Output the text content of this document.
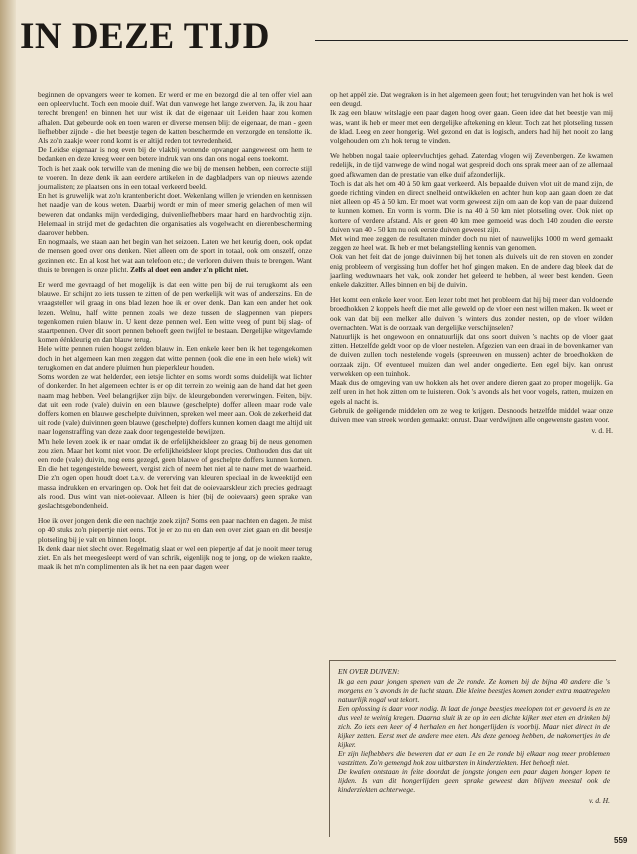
IN DEZE TIJD

beginnen de opvangers weer te komen. Er werd er me en bezorgd die al ten offer viel aan een opleervlucht. Toch een mooie duif. Wat dun vanwege het lange zwerven. Ja, ik zou haar terecht brengen! en binnen het uur wist ik dat de eigenaar uit Leiden haar zou komen afhalen. Dat gebeurde ook en toen waren er diverse mensen blij: de eigenaar, de man - geen liefhebber zijnde - die het beestje tegen de katten beschermde en verzorgde en tenslotte ik. Als zo'n zaakje weer rond komt is er altijd reden tot tevredenheid.

De Leidse eigenaar is nog even bij de vlakbij wonende opvanger aangeweest om hem te bedanken en deze kreeg weer een betere indruk van ons dan ons nogal eens toekomt.

Toch is het zaak ook terwille van de mening die we bij de mensen hebben, een correcte stijl te voeren. In deze denk ik aan eerdere artikelen in de dagbladpers van op nieuws azende journalisten; ze plaatsen ons in een totaal verkeerd beeld.

En het is gruwelijk wat zo'n krantenbericht doet. Wekenlang willen je vrienden en kennissen het naadje van de kous weten. Daarbij wordt er min of meer smerig gelachen of men wil beweren dat ondanks mijn verdediging, duivenliefhebbers maar hard en hardvochtig zijn. Helemaal in strijd met de gedachten die organisaties als vogelwacht en dierenbescherming daarover hebben.

En nogmaals, we staan aan het begin van het seizoen. Laten we het keurig doen, ook opdat de mensen goed over ons denken. Niet alleen om de sport in totaal, ook om onszelf, onze gezinnen etc. En al kost het wat aan telefoon etc.; de verloren duiven thuis te brengen. Want thuis te brengen is onze plicht. Zelfs al doet een ander z'n plicht niet.

Er werd me gevraagd of het mogelijk is dat een witte pen bij de rui terugkomt als een blauwe. Er schijnt zo iets tussen te zitten of de pen werkelijk wit was of anderszins. En de vraagsteller wil graag in ons blad lezen hoe ik er over denk. Dan kan een ander het ook lezen. Welnu, half witte pennen zoals we deze tussen de slagpennen van piepers tegenkomen ruien blauw in. U kent deze pennen wel. Een witte veeg of punt bij slag- of staartpennen. Over dit soort pennen behoeft geen twijfel te bestaan. Dergelijke witgevlamde komen éénkleurig en dan blauw terug.

Hele witte pennen ruien hoogst zelden blauw in. Een enkele keer ben ik het tegengekomen doch in het algemeen kan men zeggen dat witte pennen (ook die ene in een hele wiek) wit terugkomen en dat andere pluimen hun pieperkleur houden.

Soms worden ze wat helderder, een ietsje lichter en soms wordt soms duidelijk wat lichter of donkerder. In het algemeen echter is er op dit terrein zo weinig aan de hand dat het geen naam mag hebben. Veel belangrijker zijn bijv. de kleurgebonden vererwingen. Feiten, bijv. dat uit een rode (vale) duivin en een blauwe (geschelpte) doffer alleen maar rode vale doffers komen en blauwe geschelpte duivinnen, spreken wel meer aan. Ook de zekerheid dat uit rode (vale) duivinnen geen blauwe (geschelpte) doffers kunnen komen daagt me altijd uit naar logenstraffing van deze zaak door tegengestelde bewijzen.

M'n hele leven zoek ik er naar omdat ik de erfelijkheidsleer zo graag bij de neus genomen zou zien. Maar het komt niet voor. De erfelijkheidsleer klopt precies. Onthouden dus dat uit een rode (vale) duivin, nog eens gezegd, geen blauwe of geschelpte doffers kunnen komen. En die het tegengestelde beweert, vergist zich of neem het niet al te nauw met de waarheid. Die z'n ogen open houdt doet t.a.v. de vererving van kleuren speciaal in de kweektijd een massa indrukken en ervaringen op. Ook het feit dat de ooievaarskleur zich precies gedraagt als rood. Dus wint van niet-ooievaar. Alleen is hier (bij de ooievaars) geen sprake van geslachtsgebondenheid.

Hoe ik over jongen denk die een nachtje zoek zijn? Soms een paar nachten en dagen. Je mist op 40 stuks zo'n piepertje niet eens. Tot je er zo nu en dan een over ziet gaan en dit beestje plotseling bij je valt en binnen loopt.

Ik denk daar niet slecht over. Regelmatig slaat er wel een piepertje af dat je nooit meer terug ziet. En als het meegesleept werd of van schrik, eigenlijk nog te jong, op de wieken raakte, maak ik het m'n complimenten als ik het na een paar dagen weer

op het appèl zie. Dat wegraken is in het algemeen geen fout; het terugvinden van het hok is wel een deugd.

Ik zag een blauw witslagje een paar dagen hoog over gaan. Geen idee dat het beestje van mij was, want ik heb er meer met een dergelijke aftekening en kleur. Toch zat het plotseling tussen de klad. Leeg en zeer hongerig. Wel gezond en dat is logisch, anders had hij het nooit zo lang volgehouden om z'n hok terug te vinden.

We hebben nogal taaie opleervluchtjes gehad. Zaterdag vlogen wij Zevenbergen. Ze kwamen redelijk, in de tijd vanwege de wind nogal wat gespreid doch ons sprak meer aan of ze allemaal goed afkwamen dan de prestatie van elke duif afzonderlijk.

Toch is dat als het om 40 à 50 km gaat verkeerd. Als bepaalde duiven vlot uit de mand zijn, de goede richting vinden en direct snelheid ontwikkelen en achter hun kop aan gaan doen ze dat niet alleen op 45 à 50 km. Er moet wat vorm geweest zijn om aan de kop van de paar duizend te kunnen komen. En vorm is vorm. Die is na 40 à 50 km niet plotseling over. Ook niet op kortere of verdere afstand. Als er geen 40 km mee gemoeid was doch 140 zouden die eerste duiven van 40 - 50 km nu ook eerste duiven geweest zijn.

Met wind mee zeggen de resultaten minder doch nu niet of nauwelijks 1000 m werd gemaakt zeggen ze heel wat. Ik heb er met belangstelling kennis van genomen.

Ook van het feit dat de jonge duivinnen bij het tonen als duivels uit de ren stoven en zonder enig probleem of vergissing hun doffer het hof gingen maken. En de andere dag bleek dat de jaarling weduwnaars het vak, ook zonder het geleerd te hebben, al weer best kenden. Geen enkele dakzitter. Alles binnen en bij de duivin.

Het komt een enkele keer voor. Een lezer tobt met het probleem dat hij bij meer dan voldoende broedhokken 2 koppels heeft die met alle geweld op de vloer een nest willen maken. Ik weet er ook van dat bij een melker alle duiven 's winters dus zonder nesten, op de vloer wilden overnachten. Wat is de oorzaak van dergelijke verschijnselen?

Natuurlijk is het ongewoon en onnatuurlijk dat ons soort duiven 's nachts op de vloer gaat zitten. Hetzelfde geldt voor op de vloer nestelen. Afgezien van een draai in de bovenkamer van de duiven zullen toch nestelende vogels (spreeuwen en mussen) achter de broedhokken de oorzaak zijn. Of eventueel muizen dan wel ander ongedierte. Een egel bijv. kan onrust verwekken op een tuinhok.

Maak dus de omgeving van uw hokken als het over andere dieren gaat zo proper mogelijk. Ga zelf uren in het hok zitten om te luisteren. Ook 's avonds als het voor vogels, ratten, muizen en egels al nacht is.

Gebruik de geëigende middelen om ze weg te krijgen. Desnoods hetzelfde middel waar onze duiven mee van streek worden gemaakt: onrust. Daar verdwijnen alle ongewenste gasten voor.

v. d. H.

EN OVER DUIVEN:

Ik ga een paar jongen spenen van de 2e ronde. Ze komen bij de bijna 40 andere die 's morgens en 's avonds in de lucht staan. Die kleine beestjes komen zonder extra maatregelen natuurlijk nogal wat tekort.

Een oplossing is daar voor nodig. Ik laat de jonge beestjes meelopen tot er gevoerd is en ze dus veel te weinig kregen. Daarna sluit ik ze op in een dichte kijker met eten en drinken bij zich. Zo iets een keer of 4 herhalen en het hongerlijden is voorbij. Maar niet direct in de kijker zetten. Eerst met de andere mee eten. Als deze genoeg hebben, de nakomertjes in de kijker.

Er zijn liefhebbers die beweren dat er aan 1e en 2e ronde bij elkaar nog meer problemen vastzitten. Zo'n gemengd hok zou uitbarsten in kinderziekten. Het behoeft niet.

De kwalen ontstaan in feite doordat de jongste jongen een paar dagen honger lopen te lijden. Is van dit hongerlijden geen sprake geweest dan blijven meestal ook de kinderziekten achterwege.

v. d. H.

559
